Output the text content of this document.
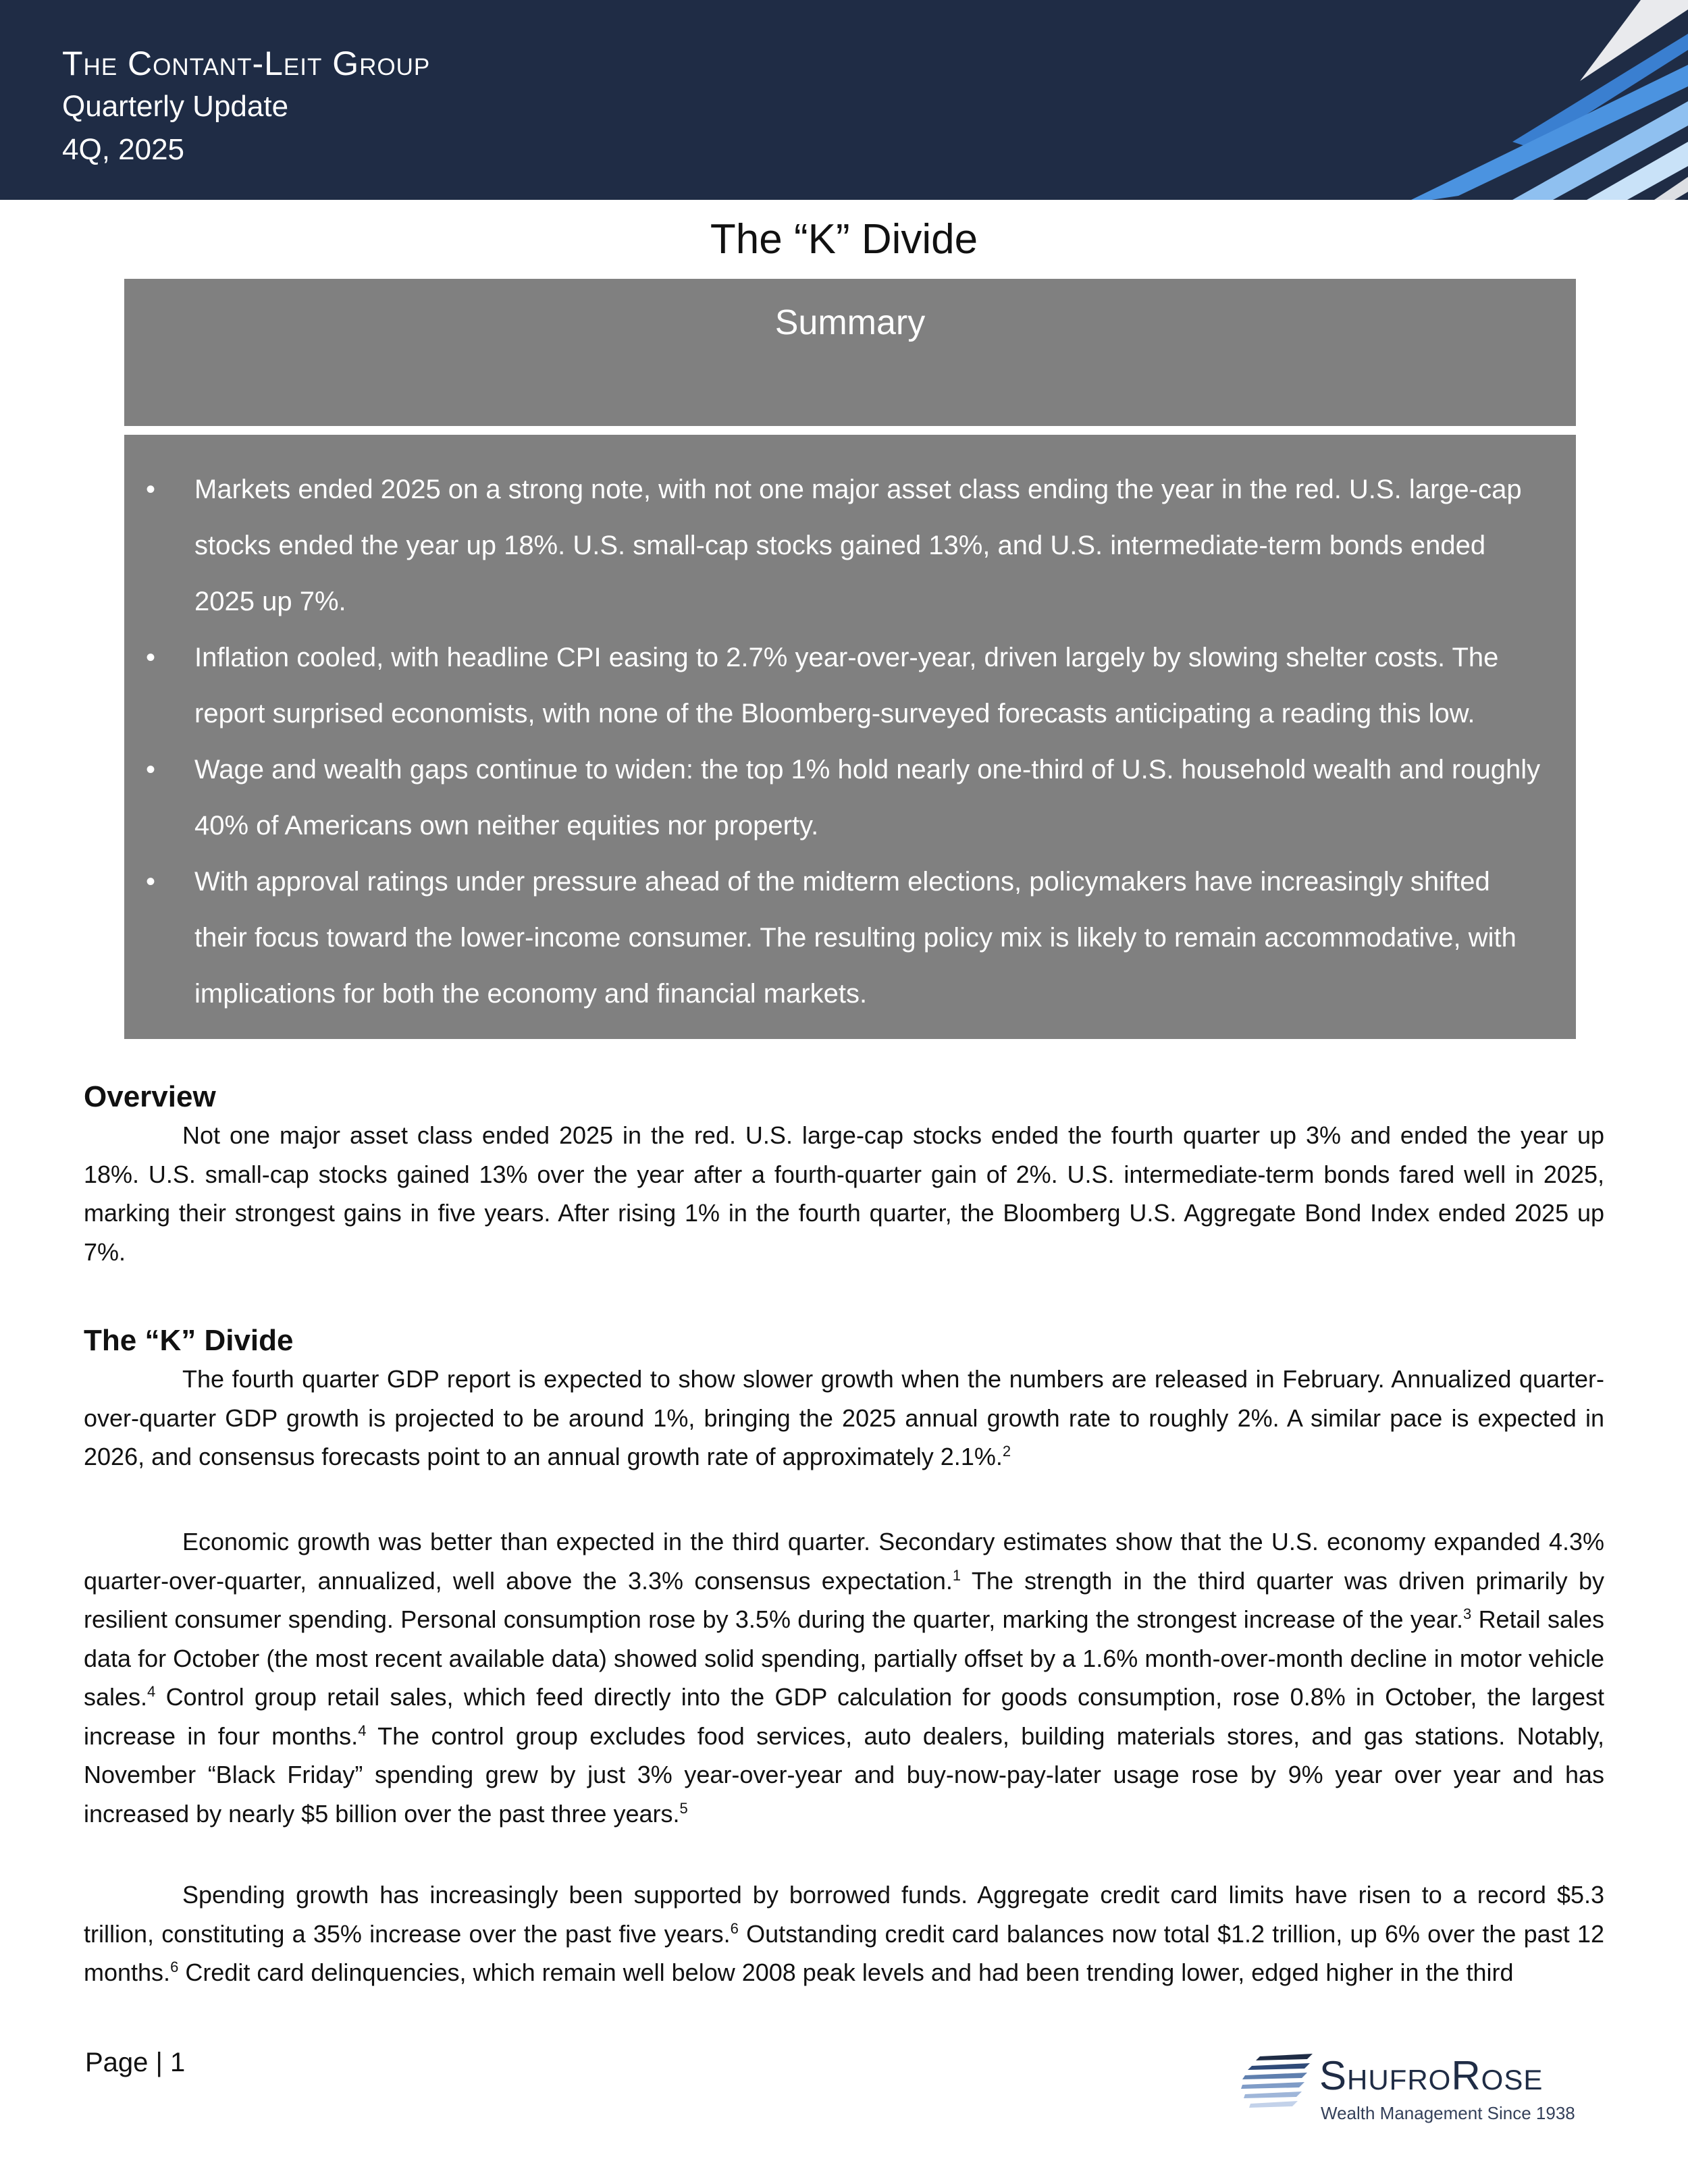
The Contant-Leit Group
Quarterly Update
4Q, 2025
The “K” Divide
Summary
• Markets ended 2025 on a strong note, with not one major asset class ending the year in the red. U.S. large-cap stocks ended the year up 18%. U.S. small-cap stocks gained 13%, and U.S. intermediate-term bonds ended 2025 up 7%.
• Inflation cooled, with headline CPI easing to 2.7% year-over-year, driven largely by slowing shelter costs. The report surprised economists, with none of the Bloomberg-surveyed forecasts anticipating a reading this low.
• Wage and wealth gaps continue to widen: the top 1% hold nearly one-third of U.S. household wealth and roughly 40% of Americans own neither equities nor property.
• With approval ratings under pressure ahead of the midterm elections, policymakers have increasingly shifted their focus toward the lower-income consumer. The resulting policy mix is likely to remain accommodative, with implications for both the economy and financial markets.
Overview

Not one major asset class ended 2025 in the red. U.S. large-cap stocks ended the fourth quarter up 3% and ended the year up 18%. U.S. small-cap stocks gained 13% over the year after a fourth-quarter gain of 2%. U.S. intermediate-term bonds fared well in 2025, marking their strongest gains in five years. After rising 1% in the fourth quarter, the Bloomberg U.S. Aggregate Bond Index ended 2025 up 7%.

The “K” Divide

The fourth quarter GDP report is expected to show slower growth when the numbers are released in February. Annualized quarter-over-quarter GDP growth is projected to be around 1%, bringing the 2025 annual growth rate to roughly 2%. A similar pace is expected in 2026, and consensus forecasts point to an annual growth rate of approximately 2.1%.$^2$

Economic growth was better than expected in the third quarter. Secondary estimates show that the U.S. economy expanded 4.3% quarter-over-quarter, annualized, well above the 3.3% consensus expectation.$^1$ The strength in the third quarter was driven primarily by resilient consumer spending. Personal consumption rose by 3.5% during the quarter, marking the strongest increase of the year.$^3$ Retail sales data for October (the most recent available data) showed solid spending, partially offset by a 1.6% month-over-month decline in motor vehicle sales.$^4$ Control group retail sales, which feed directly into the GDP calculation for goods consumption, rose 0.8% in October, the largest increase in four months.$^4$ The control group excludes food services, auto dealers, building materials stores, and gas stations. Notably, November “Black Friday” spending grew by just 3% year-over-year and buy-now-pay-later usage rose by 9% year over year and has increased by nearly $5 billion over the past three years.$^5$

Spending growth has increasingly been supported by borrowed funds. Aggregate credit card limits have risen to a record $5.3 trillion, constituting a 35% increase over the past five years.$^6$ Outstanding credit card balances now total $1.2 trillion, up 6% over the past 12 months.$^6$ Credit card delinquencies, which remain well below 2008 peak levels and had been trending lower, edged higher in the third

Page | 1	ShufroRose
Wealth Management Since 1938
